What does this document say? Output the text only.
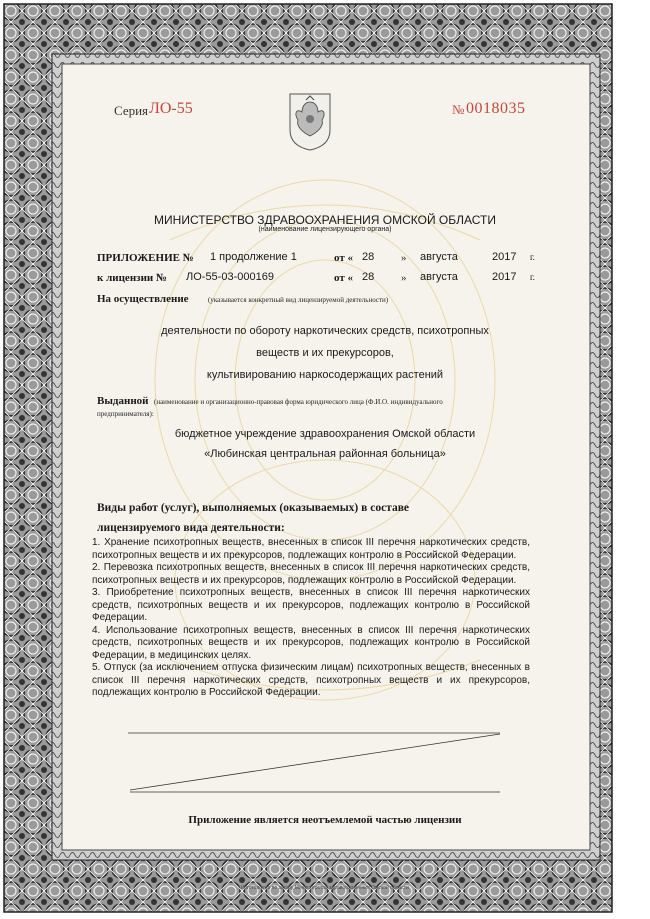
Серия ЛО-55	№ 0018035
МИНИСТЕРСТВО ЗДРАВООХРАНЕНИЯ ОМСКОЙ ОБЛАСТИ
(наименование лицензирующего органа)
ПРИЛОЖЕНИЕ № 1 продолжение 1	от « 28 » августа	2017 г.
к лицензии № ЛО-55-03-000169	от « 28 » августа	2017 г.
На осуществление	(указывается конкретный вид лицензируемой деятельности)
деятельности по обороту наркотических средств, психотропных
веществ и их прекурсоров,
культивированию наркосодержащих растений
Выданной (наименование и организационно-правовая форма юридического лица (Ф.И.О. индивидуального
предпринимателя):
бюджетное учреждение здравоохранения Омской области
«Любинская центральная районная больница»
Виды работ (услуг), выполняемых (оказываемых) в составе
лицензируемого вида деятельности:
1. Хранение психотропных веществ, внесенных в список III перечня наркотических средств, психотропных веществ и их прекурсоров, подлежащих контролю в Российской Федерации.
2. Перевозка психотропных веществ, внесенных в список III перечня наркотических средств, психотропных веществ и их прекурсоров, подлежащих контролю в Российской Федерации.
3. Приобретение психотропных веществ, внесенных в список III перечня наркотических средств, психотропных веществ и их прекурсоров, подлежащих контролю в Российской Федерации.
4. Использование психотропных веществ, внесенных в список III перечня наркотических средств, психотропных веществ и их прекурсоров, подлежащих контролю в Российской Федерации, в медицинских целях.
5. Отпуск (за исключением отпуска физическим лицам) психотропных веществ, внесенных в список III перечня наркотических средств, психотропных веществ и их прекурсоров, подлежащих контролю в Российской Федерации.
Приложение является неотъемлемой частью лицензии
Изготовлено по заказу Министерства здравоохранения Омской области
